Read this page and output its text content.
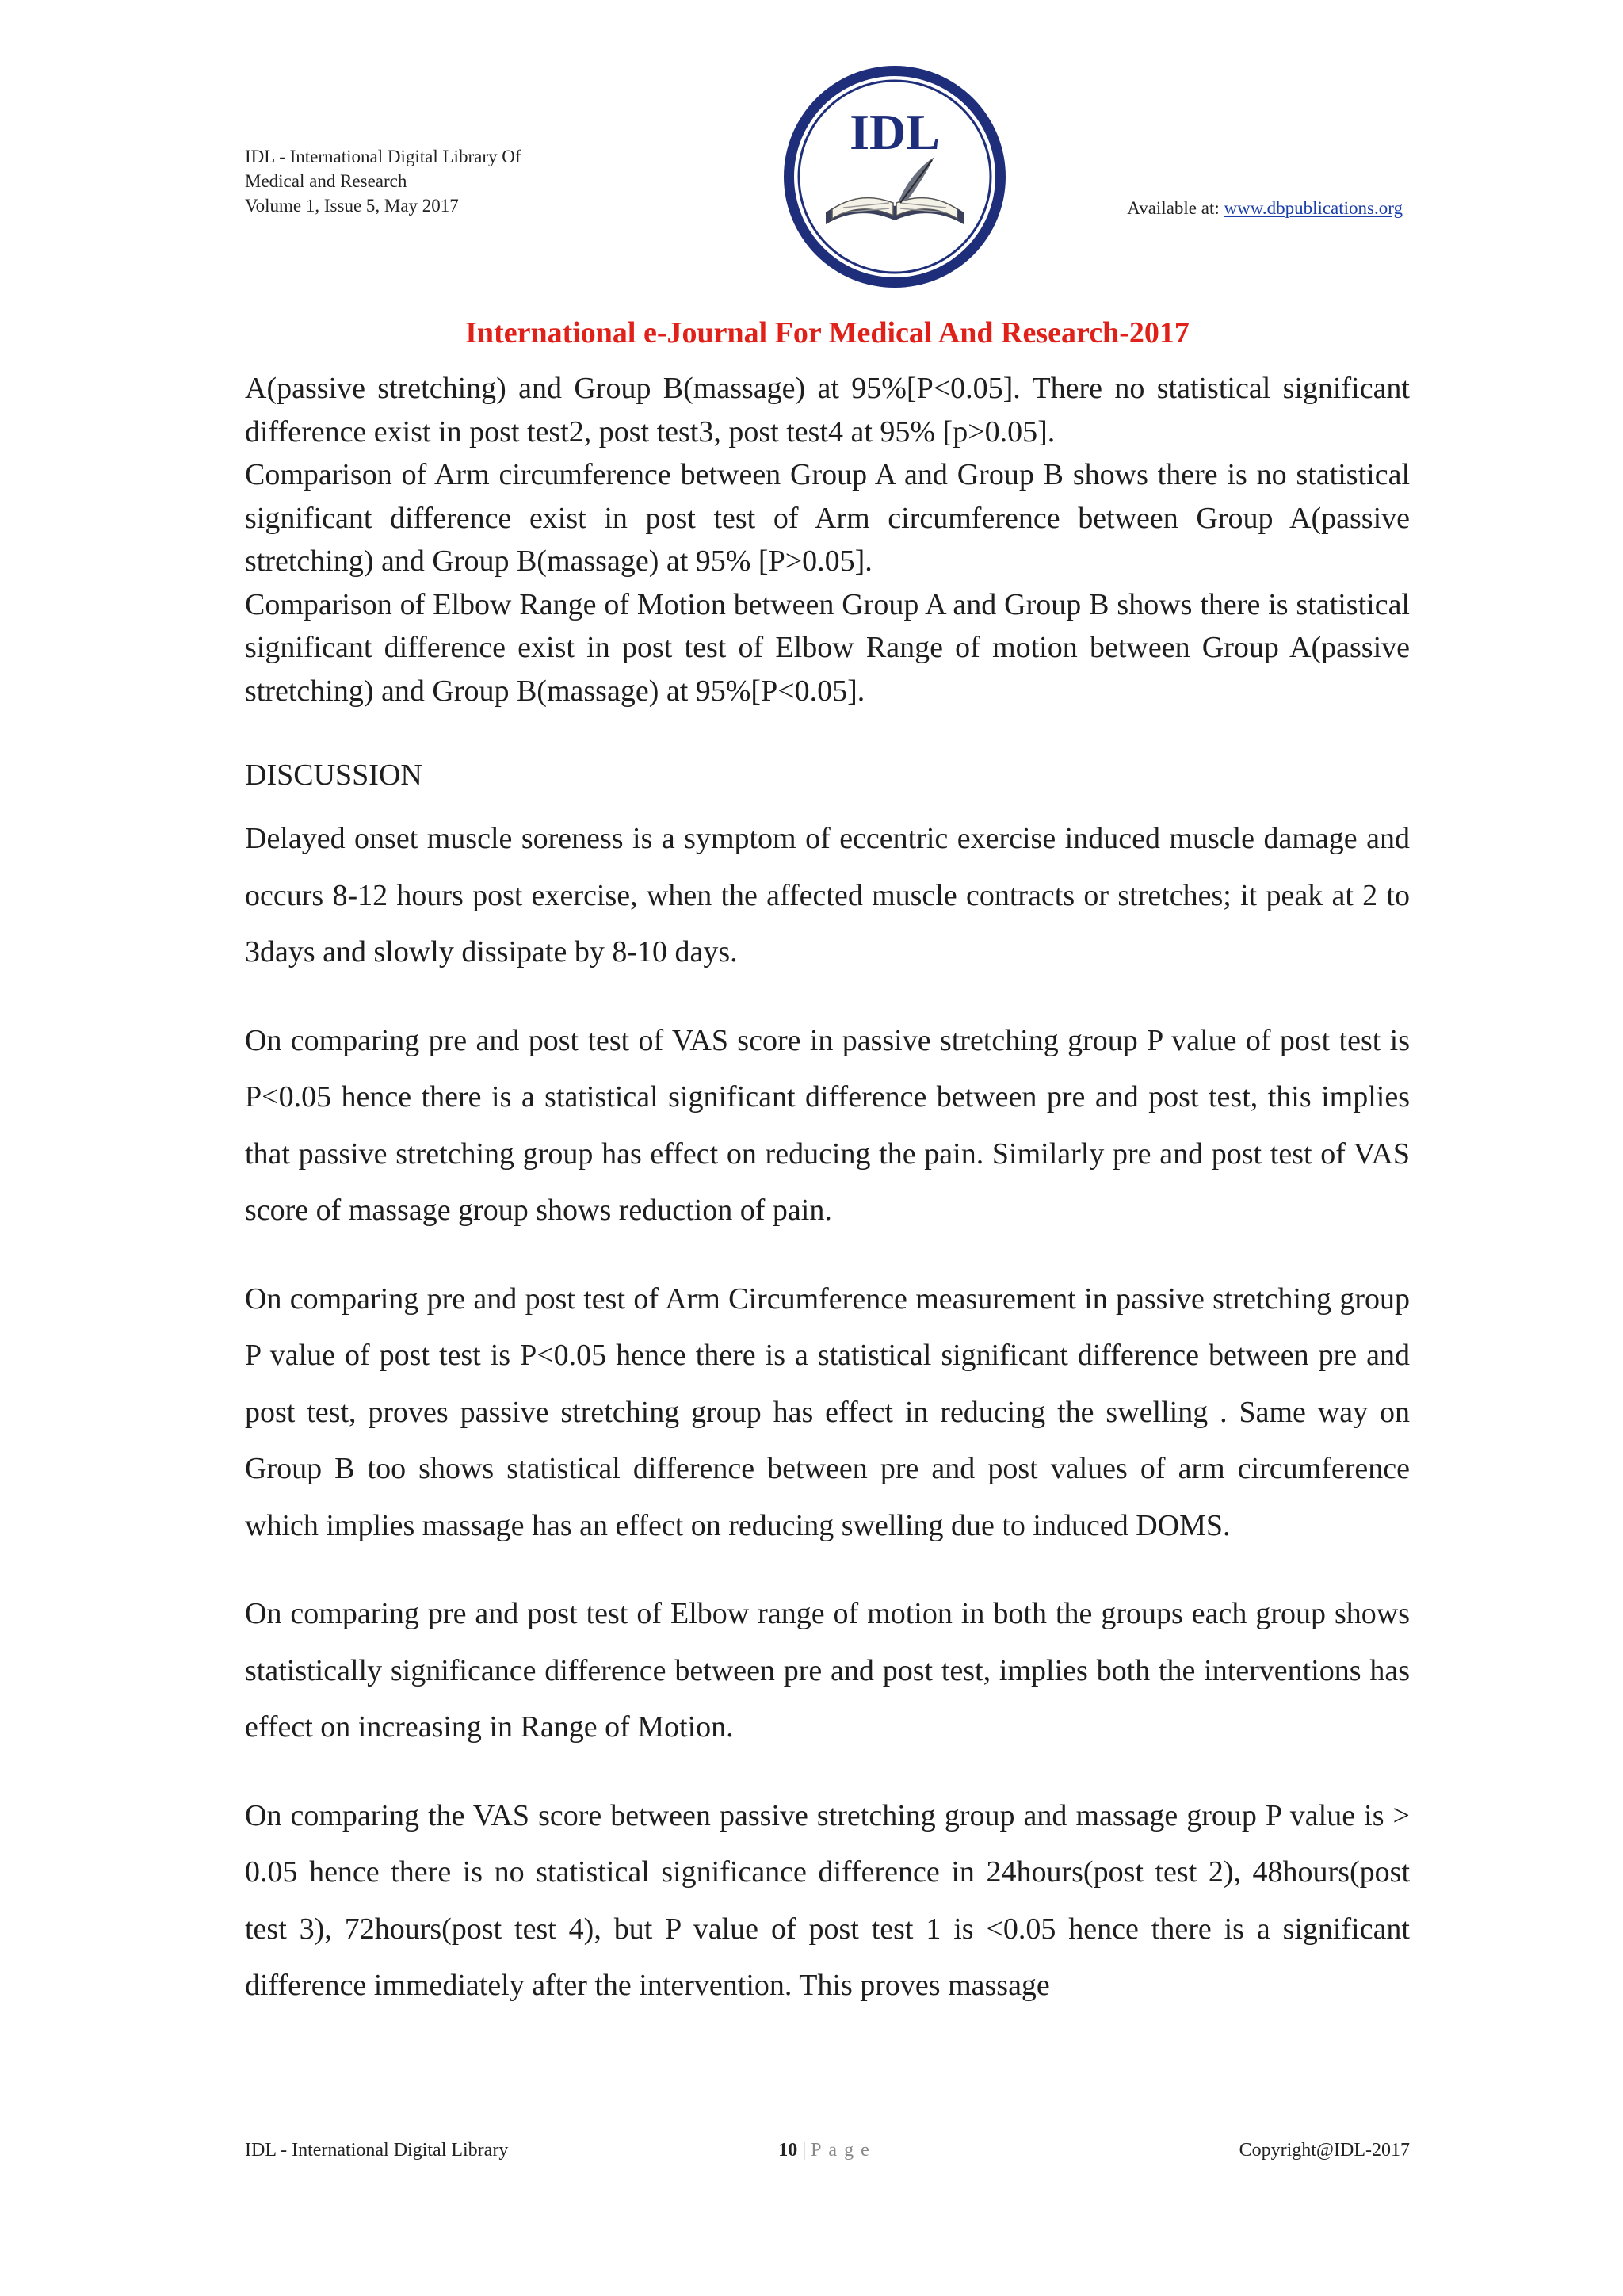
IDL - International Digital Library Of
Medical and Research
Volume 1, Issue 5, May 2017
IDL
Available at: www.dbpublications.org
International e-Journal For Medical And Research-2017

A(passive stretching) and Group B(massage) at 95%[P<0.05]. There no statistical significant difference exist in post test2, post test3, post test4 at 95% [p>0.05].

Comparison of Arm circumference between Group A and Group B shows there is no statistical significant difference exist in post test of Arm circumference between Group A(passive stretching) and Group B(massage) at 95% [P>0.05].

Comparison of Elbow Range of Motion between Group A and Group B shows there is statistical significant difference exist in post test of Elbow Range of motion between Group A(passive stretching) and Group B(massage) at 95%[P<0.05].

DISCUSSION

Delayed onset muscle soreness is a symptom of eccentric exercise induced muscle damage and occurs 8-12 hours post exercise, when the affected muscle contracts or stretches; it peak at 2 to 3days and slowly dissipate by 8-10 days.

On comparing pre and post test of VAS score in passive stretching group P value of post test is P<0.05 hence there is a statistical significant difference between pre and post test, this implies that passive stretching group has effect on reducing the pain. Similarly pre and post test of VAS score of massage group shows reduction of pain.

On comparing pre and post test of Arm Circumference measurement in passive stretching group P value of post test is P<0.05 hence there is a statistical significant difference between pre and post test, proves passive stretching group has effect in reducing the swelling . Same way on Group B too shows statistical difference between pre and post values of arm circumference which implies massage has an effect on reducing swelling due to induced DOMS.

On comparing pre and post test of Elbow range of motion in both the groups each group shows statistically significance difference between pre and post test, implies both the interventions has effect on increasing in Range of Motion.

On comparing the VAS score between passive stretching group and massage group P value is > 0.05 hence there is no statistical significance difference in 24hours(post test 2), 48hours(post test 3), 72hours(post test 4), but P value of post test 1 is <0.05 hence there is a significant difference immediately after the intervention. This proves massage

IDL - International Digital Library	10 | Page	Copyright@IDL-2017
